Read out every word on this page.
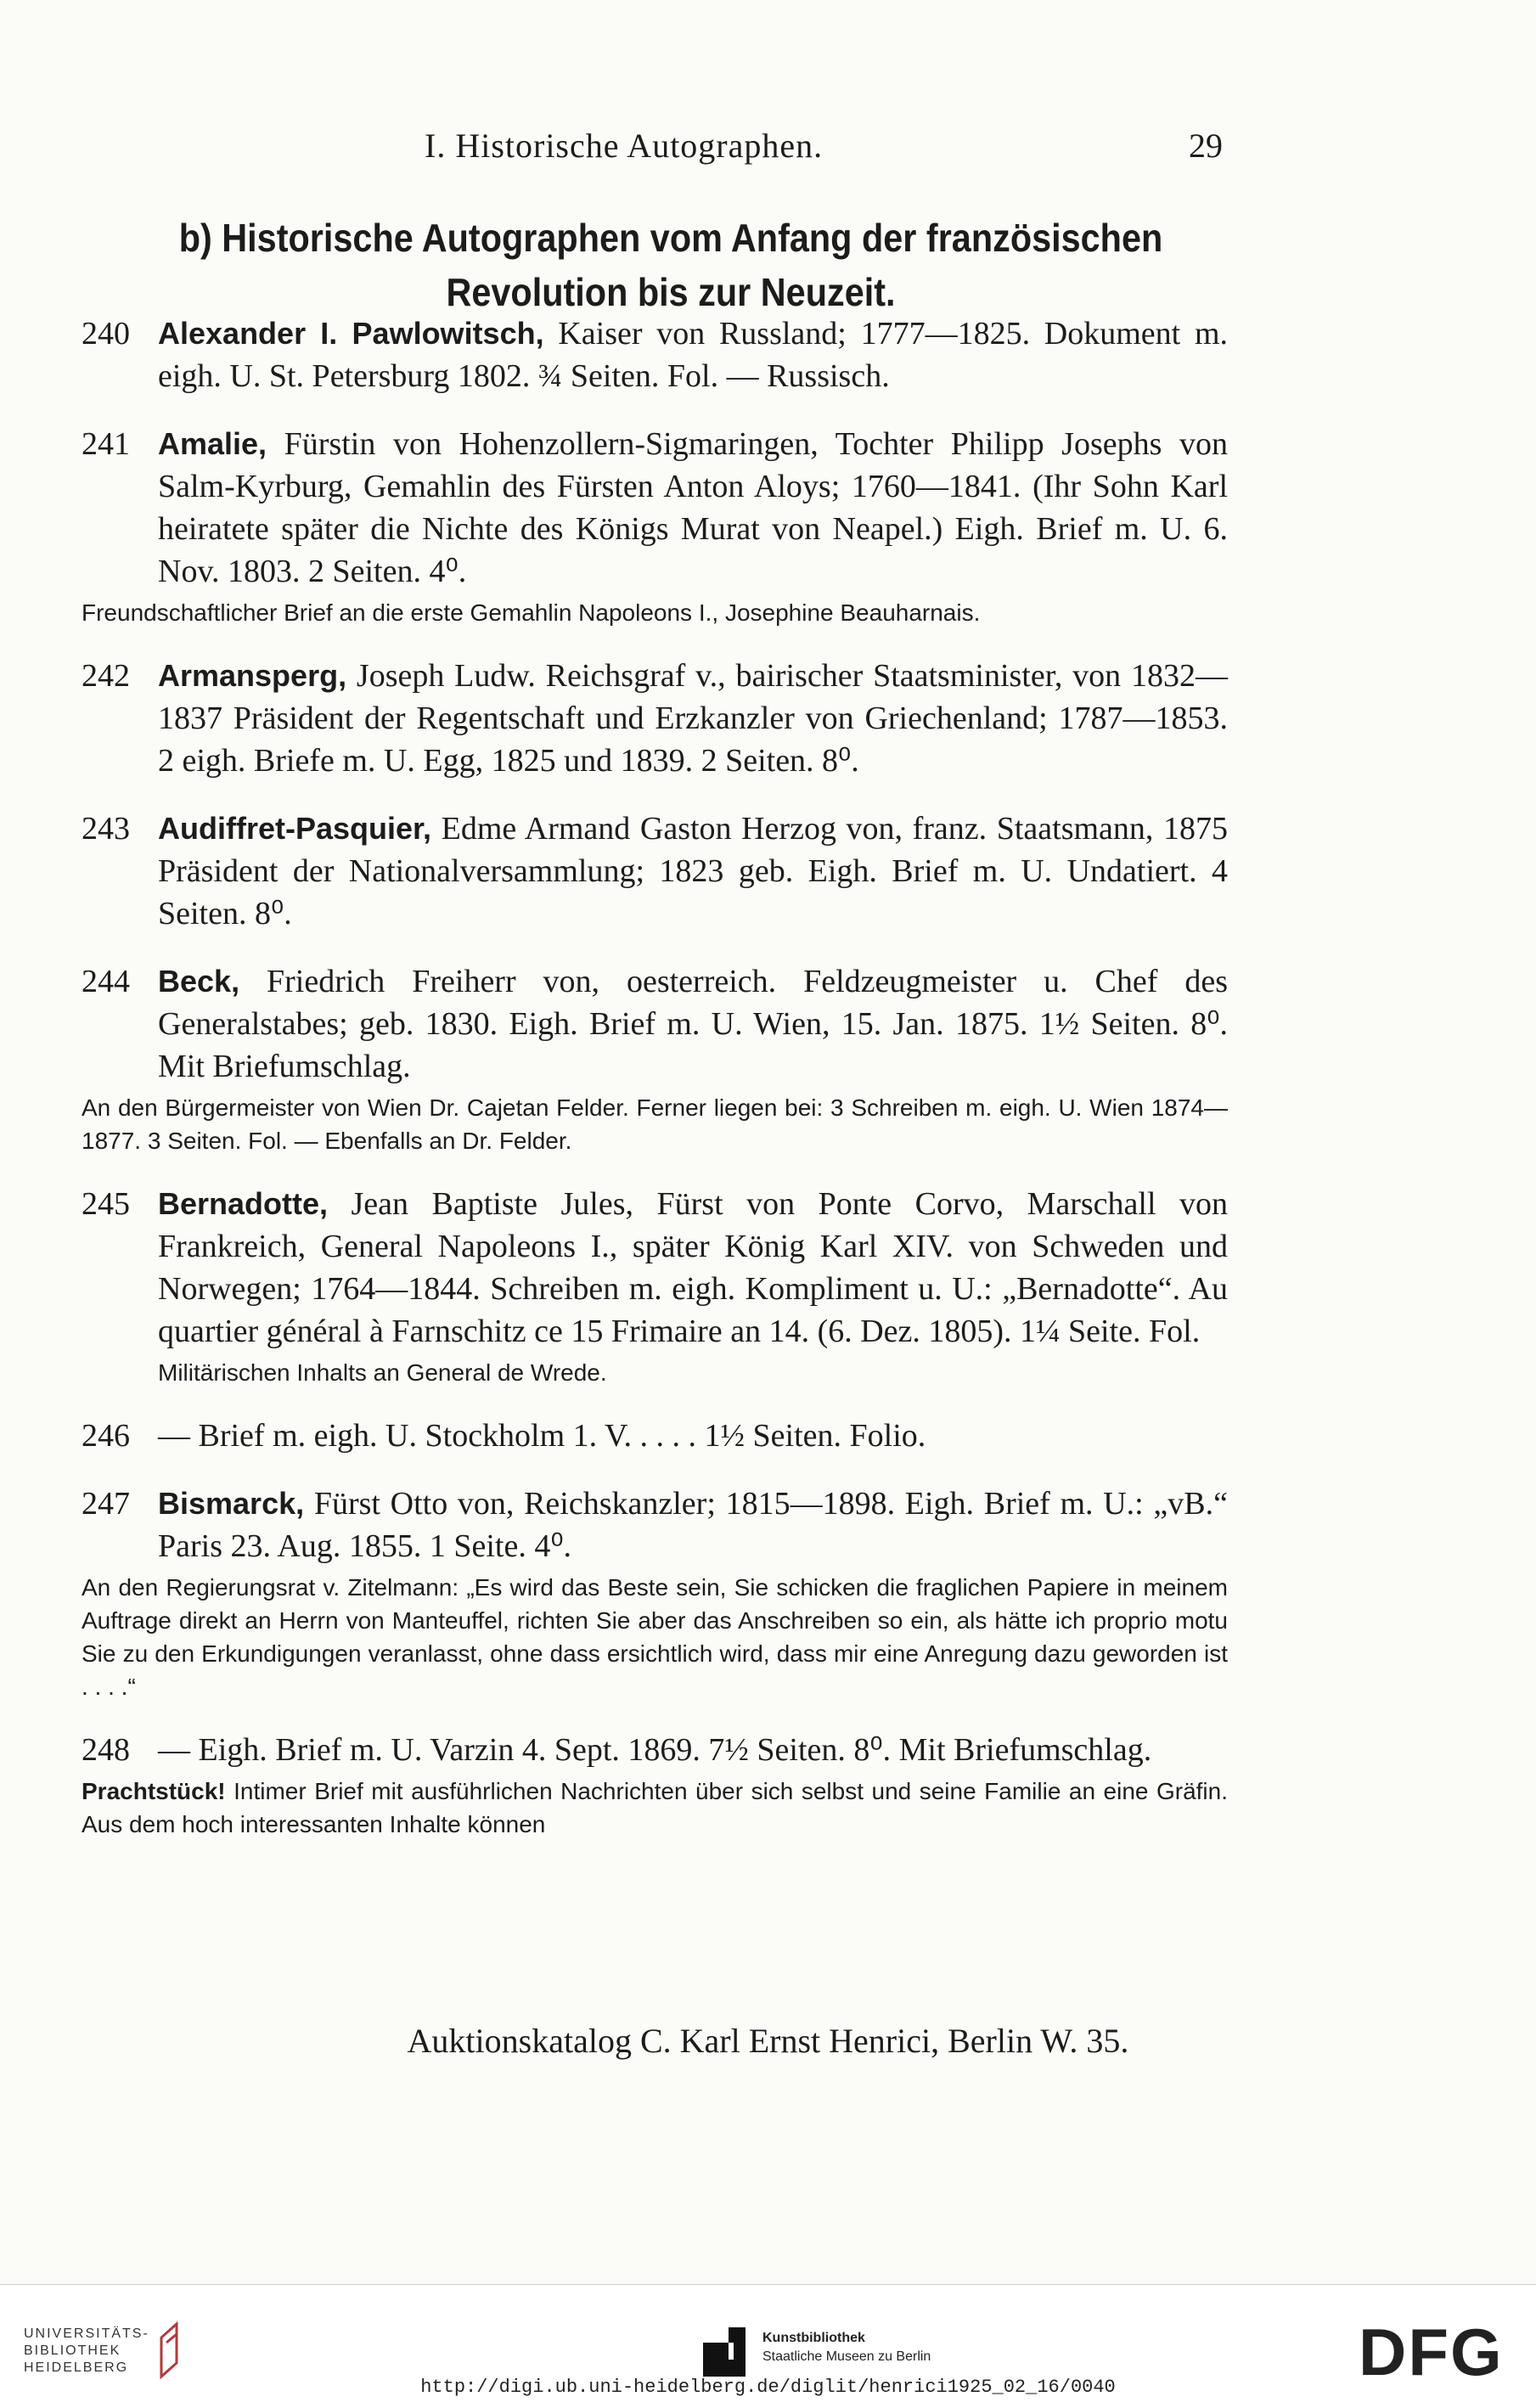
I. Historische Autographen.	29
b) Historische Autographen vom Anfang der französischen
Revolution bis zur Neuzeit.
240 Alexander I. Pawlowitsch, Kaiser von Russland; 1777—1825. Dokument m. eigh. U. St. Petersburg 1802. ¾ Seiten. Fol. — Russisch.
241 Amalie, Fürstin von Hohenzollern-Sigmaringen, Tochter Philipp Josephs von Salm-Kyrburg, Gemahlin des Fürsten Anton Aloys; 1760—1841. (Ihr Sohn Karl heiratete später die Nichte des Königs Murat von Neapel.) Eigh. Brief m. U. 6. Nov. 1803. 2 Seiten. 4⁰.
Freundschaftlicher Brief an die erste Gemahlin Napoleons I., Josephine Beauharnais.
242 Armansperg, Joseph Ludw. Reichsgraf v., bairischer Staatsminister, von 1832—1837 Präsident der Regentschaft und Erzkanzler von Griechenland; 1787—1853. 2 eigh. Briefe m. U. Egg, 1825 und 1839. 2 Seiten. 8⁰.
243 Audiffret-Pasquier, Edme Armand Gaston Herzog von, franz. Staatsmann, 1875 Präsident der Nationalversammlung; 1823 geb. Eigh. Brief m. U. Undatiert. 4 Seiten. 8⁰.
244 Beck, Friedrich Freiherr von, oesterreich. Feldzeugmeister u. Chef des Generalstabes; geb. 1830. Eigh. Brief m. U. Wien, 15. Jan. 1875. 1½ Seiten. 8⁰. Mit Briefumschlag.
An den Bürgermeister von Wien Dr. Cajetan Felder. Ferner liegen bei: 3 Schreiben m. eigh. U. Wien 1874—1877. 3 Seiten. Fol. — Ebenfalls an Dr. Felder.
245 Bernadotte, Jean Baptiste Jules, Fürst von Ponte Corvo, Marschall von Frankreich, General Napoleons I., später König Karl XIV. von Schweden und Norwegen; 1764—1844. Schreiben m. eigh. Kompliment u. U.: „Bernadotte“. Au quartier général à Farnschitz ce 15 Frimaire an 14. (6. Dez. 1805). 1¼ Seite. Fol.
Militärischen Inhalts an General de Wrede.
246 — Brief m. eigh. U. Stockholm 1. V. . . . . 1½ Seiten. Folio.
247 Bismarck, Fürst Otto von, Reichskanzler; 1815—1898. Eigh. Brief m. U.: „vB.“ Paris 23. Aug. 1855. 1 Seite. 4⁰.
An den Regierungsrat v. Zitelmann: „Es wird das Beste sein, Sie schicken die fraglichen Papiere in meinem Auftrage direkt an Herrn von Manteuffel, richten Sie aber das Anschreiben so ein, als hätte ich proprio motu Sie zu den Erkundigungen veranlasst, ohne dass ersichtlich wird, dass mir eine Anregung dazu geworden ist . . . .“
248 — Eigh. Brief m. U. Varzin 4. Sept. 1869. 7½ Seiten. 8⁰. Mit Briefumschlag.
Prachtstück! Intimer Brief mit ausführlichen Nachrichten über sich selbst und seine Familie an eine Gräfin. Aus dem hoch interessanten Inhalte können
Auktionskatalog C. Karl Ernst Henrici, Berlin W. 35.
UNIVERSITÄTS-
BIBLIOTHEK
HEIDELBERG
Kunstbibliothek
Staatliche Museen zu Berlin	DFG
http://digi.ub.uni-heidelberg.de/diglit/henrici1925_02_16/0040
